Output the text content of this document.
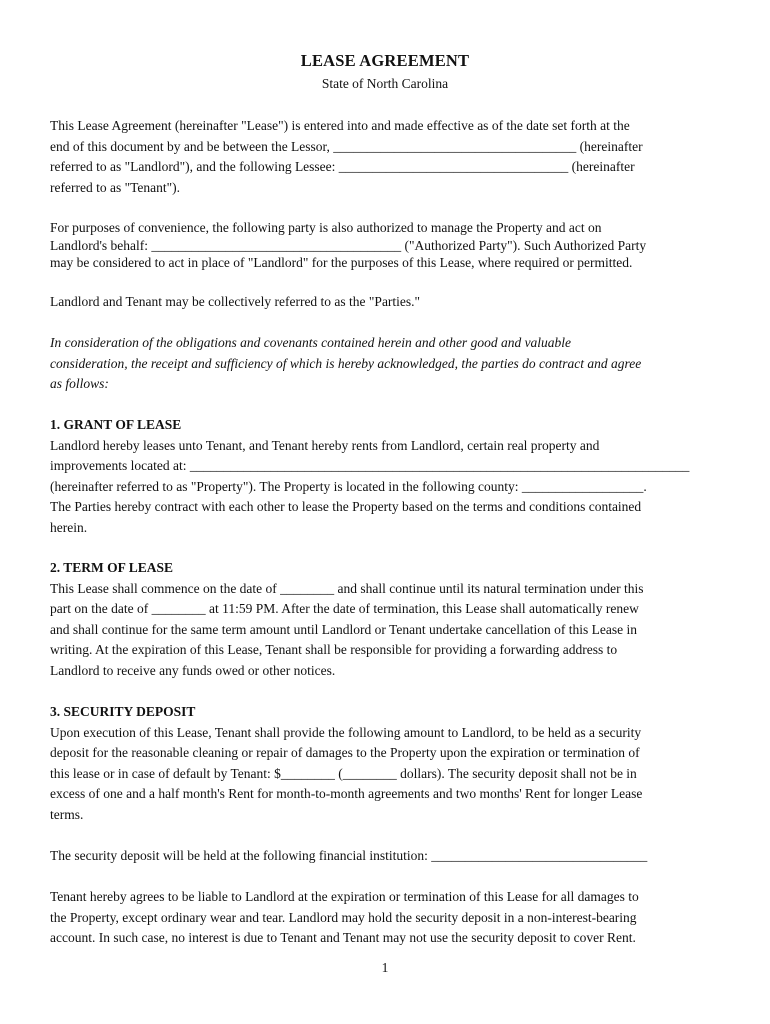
LEASE AGREEMENT
State of North Carolina
This Lease Agreement (hereinafter "Lease") is entered into and made effective as of the date set forth at the
end of this document by and be between the Lessor, ____________________________________ (hereinafter
referred to as "Landlord"), and the following Lessee: __________________________________ (hereinafter
referred to as "Tenant").
For purposes of convenience, the following party is also authorized to manage the Property and act on
Landlord's behalf: _____________________________________ ("Authorized Party"). Such Authorized Party
may be considered to act in place of "Landlord" for the purposes of this Lease, where required or permitted.
Landlord and Tenant may be collectively referred to as the "Parties."
In consideration of the obligations and covenants contained herein and other good and valuable
consideration, the receipt and sufficiency of which is hereby acknowledged, the parties do contract and agree
as follows:
1. GRANT OF LEASE
Landlord hereby leases unto Tenant, and Tenant hereby rents from Landlord, certain real property and
improvements located at: __________________________________________________________________________
(hereinafter referred to as "Property"). The Property is located in the following county: __________________.
The Parties hereby contract with each other to lease the Property based on the terms and conditions contained
herein.
2. TERM OF LEASE
This Lease shall commence on the date of ________ and shall continue until its natural termination under this
part on the date of ________ at 11:59 PM. After the date of termination, this Lease shall automatically renew
and shall continue for the same term amount until Landlord or Tenant undertake cancellation of this Lease in
writing. At the expiration of this Lease, Tenant shall be responsible for providing a forwarding address to
Landlord to receive any funds owed or other notices.
3. SECURITY DEPOSIT
Upon execution of this Lease, Tenant shall provide the following amount to Landlord, to be held as a security
deposit for the reasonable cleaning or repair of damages to the Property upon the expiration or termination of
this lease or in case of default by Tenant: $________ (________ dollars). The security deposit shall not be in
excess of one and a half month's Rent for month-to-month agreements and two months' Rent for longer Lease
terms.
The security deposit will be held at the following financial institution: ________________________________
Tenant hereby agrees to be liable to Landlord at the expiration or termination of this Lease for all damages to
the Property, except ordinary wear and tear. Landlord may hold the security deposit in a non-interest-bearing
account. In such case, no interest is due to Tenant and Tenant may not use the security deposit to cover Rent.
1
